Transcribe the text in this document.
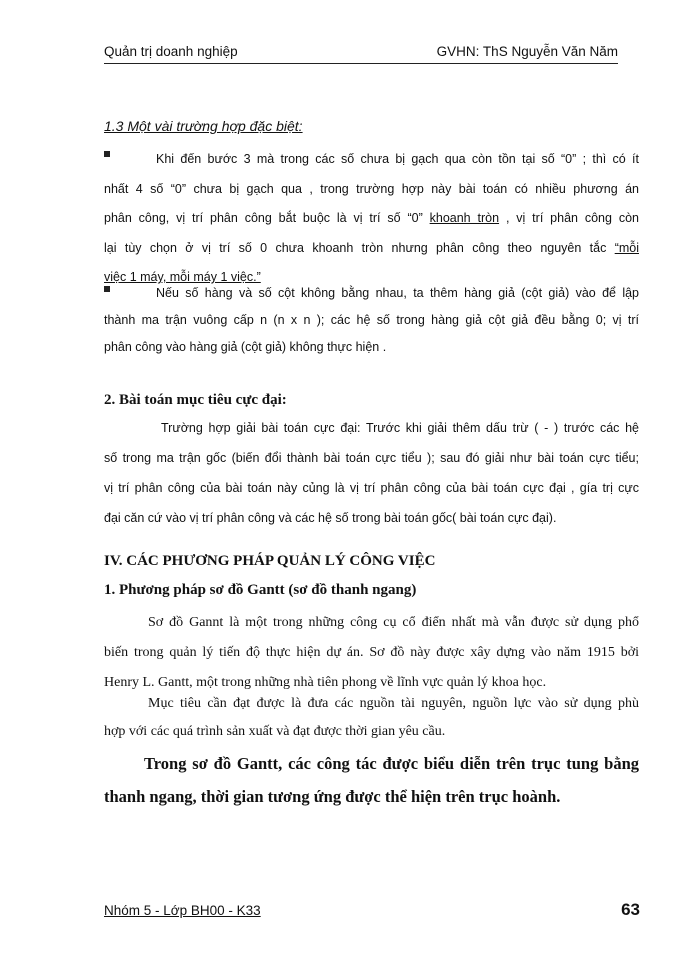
Quản trị doanh nghiệp	GVHN: ThS Nguyễn Văn Năm
1.3 Một vài trường hợp đặc biệt:
Khi đến bước 3 mà trong các số chưa bị gạch qua còn tồn tại số “0” ; thì có ít
nhất 4 số “0” chưa bị gạch qua , trong trường hợp này bài toán có nhiều phương án
phân công, vị trí phân công bắt buộc là vị trí số “0” khoanh tròn , vị trí phân công còn
lại tùy chọn ở vị trí số 0 chưa khoanh tròn nhưng phân công theo nguyên tắc “mỗi
việc 1 máy, mỗi máy 1 việc.”
Nếu số hàng và số cột không bằng nhau, ta thêm hàng giả (cột giả) vào để lập
thành ma trận vuông cấp n (n x n ); các hệ số trong hàng giả cột giả đều bằng 0; vị trí
phân công vào hàng giả (cột giả) không thực hiện .
2. Bài toán mục tiêu cực đại:
Trường hợp giải bài toán cực đại: Trước khi giải thêm dấu trừ ( - ) trước các hệ
số trong ma trận gốc (biến đổi thành bài toán cực tiểu ); sau đó giải như bài toán cực tiểu;
vị trí phân công của bài toán này củng là vị trí phân công của bài toán cực đại , gía trị cực
đại căn cứ vào vị trí phân công và các hệ số trong bài toán gốc( bài toán cực đại).
IV. CÁC PHƯƠNG PHÁP QUẢN LÝ CÔNG VIỆC
1. Phương pháp sơ đồ Gantt (sơ đồ thanh ngang)
Sơ đồ Gannt là một trong những công cụ cổ điển nhất mà vẫn được sử dụng phổ
biến trong quản lý tiến độ thực hiện dự án. Sơ đồ này được xây dựng vào năm 1915 bởi
Henry L. Gantt, một trong những nhà tiên phong về lĩnh vực quản lý khoa học.
Mục tiêu cần đạt được là đưa các nguồn tài nguyên, nguồn lực vào sử dụng phù
hợp với các quá trình sản xuất và đạt được thời gian yêu cầu.
Trong sơ đồ Gantt, các công tác được biểu diễn trên trục tung bằng
thanh ngang, thời gian tương ứng được thể hiện trên trục hoành.
Nhóm 5 - Lớp BH00 - K33	63
